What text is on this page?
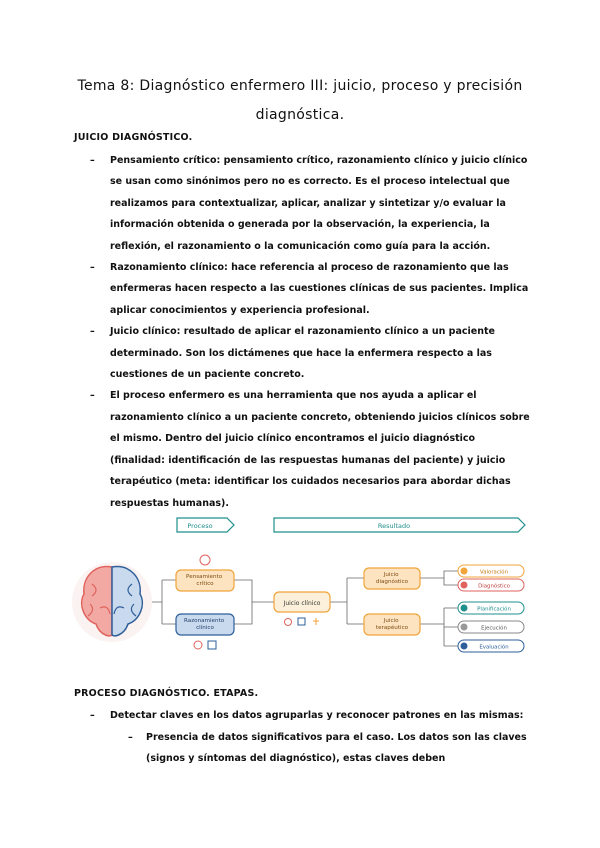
Tema 8: Diagnóstico enfermero III: juicio, proceso y precisión diagnóstica.
JUICIO DIAGNÓSTICO.
– Pensamiento crítico: pensamiento crítico, razonamiento clínico y juicio clínico se usan como sinónimos pero no es correcto. Es el proceso intelectual que realizamos para contextualizar, aplicar, analizar y sintetizar y/o evaluar la información obtenida o generada por la observación, la experiencia, la reflexión, el razonamiento o la comunicación como guía para la acción.
– Razonamiento clínico: hace referencia al proceso de razonamiento que las enfermeras hacen respecto a las cuestiones clínicas de sus pacientes. Implica aplicar conocimientos y experiencia profesional.
– Juicio clínico: resultado de aplicar el razonamiento clínico a un paciente determinado. Son los dictámenes que hace la enfermera respecto a las cuestiones de un paciente concreto.
– El proceso enfermero es una herramienta que nos ayuda a aplicar el razonamiento clínico a un paciente concreto, obteniendo juicios clínicos sobre el mismo. Dentro del juicio clínico encontramos el juicio diagnóstico (finalidad: identificación de las respuestas humanas del paciente) y juicio terapéutico (meta: identificar los cuidados necesarios para abordar dichas respuestas humanas).
Proceso	Resultado
Pensamiento crítico
Razonamiento clínico
Juicio clínico
Juicio diagnóstico
Juicio terapéutico
Valoración
Diagnóstico
Planificación
Ejecución
Evaluación
PROCESO DIAGNÓSTICO. ETAPAS.
– Detectar claves en los datos agruparlas y reconocer patrones en las mismas:
– Presencia de datos significativos para el caso. Los datos son las claves (signos y síntomas del diagnóstico), estas claves deben
